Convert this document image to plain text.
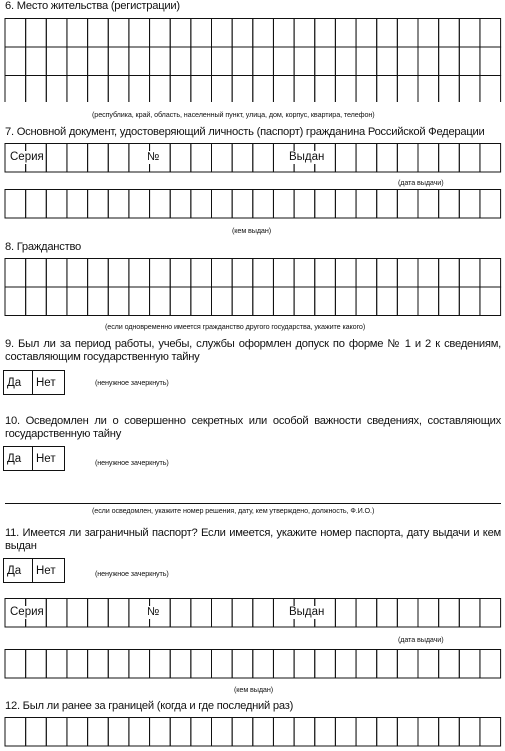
6. Место жительства (регистрации)
(республика, край, область, населенный пункт, улица, дом, корпус, квартира, телефон)
7. Основной документ, удостоверяющий личность (паспорт) гражданина Российской Федерации
Серия	№	Выдан
(дата выдачи)
(кем выдан)
8. Гражданство
(если одновременно имеется гражданство другого государства, укажите какого)
9. Был ли за период работы, учебы, службы оформлен допуск по форме № 1 и 2 к сведениям, составляющим государственную тайну
Да	Нет	(ненужное зачеркнуть)
10. Осведомлен ли о совершенно секретных или особой важности сведениях, составляющих государственную тайну
Да	Нет	(ненужное зачеркнуть)
(если осведомлен, укажите номер решения, дату, кем утверждено, должность, Ф.И.О.)
11. Имеется ли заграничный паспорт? Если имеется, укажите номер паспорта, дату выдачи и кем выдан
Да	Нет	(ненужное зачеркнуть)
Серия	№	Выдан
(дата выдачи)
(кем выдан)
12. Был ли ранее за границей (когда и где последний раз)
